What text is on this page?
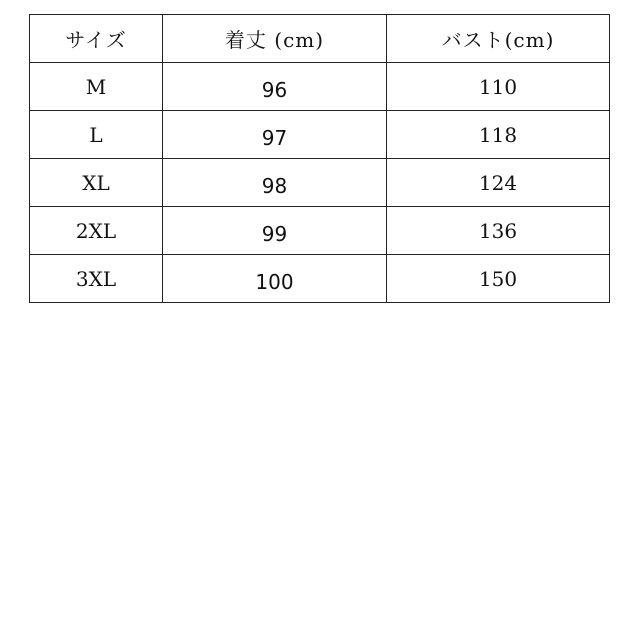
サイズ	着丈 (cm)	バスト(cm)
M	96	110
L	97	118
XL	98	124
2XL	99	136
3XL	100	150
